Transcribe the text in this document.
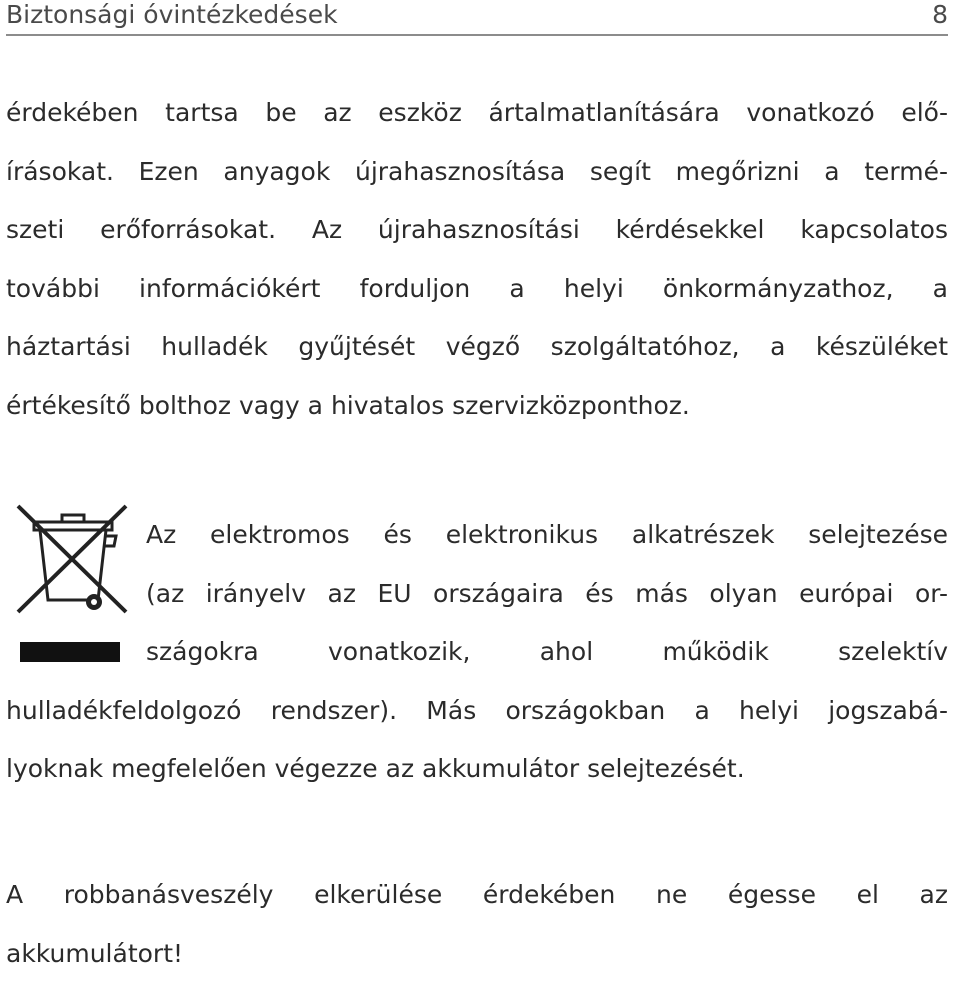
Biztonsági óvintézkedések	8
érdekében tartsa be az eszköz ártalmatlanítására vonatkozó elő-
írásokat. Ezen anyagok újrahasznosítása segít megőrizni a termé-
szeti erőforrásokat. Az újrahasznosítási kérdésekkel kapcsolatos
további információkért forduljon a helyi önkormányzathoz, a
háztartási hulladék gyűjtését végző szolgáltatóhoz, a készüléket
értékesítő bolthoz vagy a hivatalos szervizközponthoz.
Az elektromos és elektronikus alkatrészek selejtezése
(az irányelv az EU országaira és más olyan európai or-
szágokra vonatkozik, ahol működik szelektív
hulladékfeldolgozó rendszer). Más országokban a helyi jogszabá-
lyoknak megfelelően végezze az akkumulátor selejtezését.
A robbanásveszély elkerülése érdekében ne égesse el az
akkumulátort!
